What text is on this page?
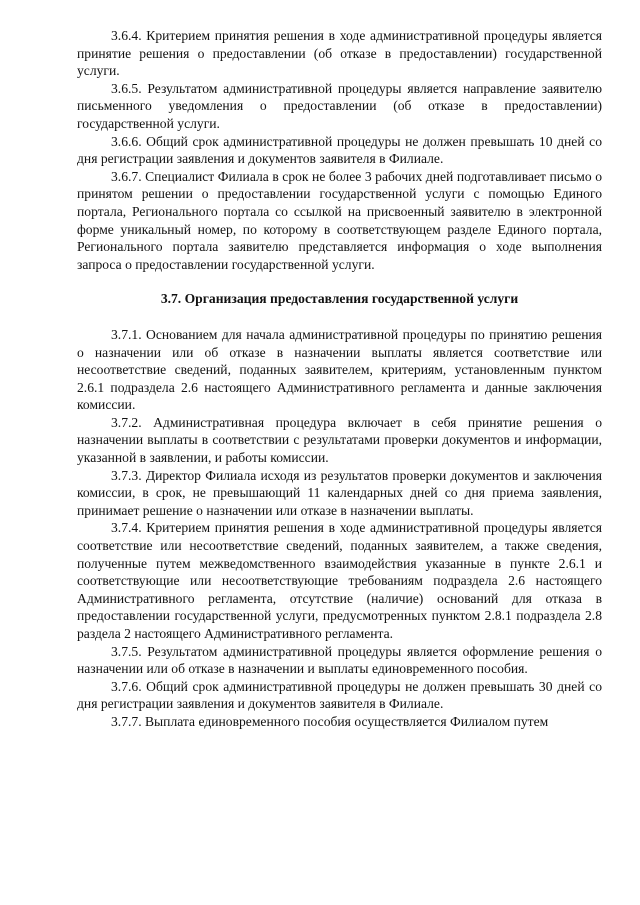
3.6.4. Критерием принятия решения в ходе административной процедуры является принятие решения о предоставлении (об отказе в предоставлении) государственной услуги.

3.6.5. Результатом административной процедуры является направление заявителю письменного уведомления о предоставлении (об отказе в предоставлении) государственной услуги.

3.6.6. Общий срок административной процедуры не должен превышать 10 дней со дня регистрации заявления и документов заявителя в Филиале.

3.6.7. Специалист Филиала в срок не более 3 рабочих дней подготавливает письмо о принятом решении о предоставлении государственной услуги с помощью Единого портала, Регионального портала со ссылкой на присвоенный заявителю в электронной форме уникальный номер, по которому в соответствующем разделе Единого портала, Регионального портала заявителю представляется информация о ходе выполнения запроса о предоставлении государственной услуги.

3.7. Организация предоставления государственной услуги

3.7.1. Основанием для начала административной процедуры по принятию решения о назначении или об отказе в назначении выплаты является соответствие или несоответствие сведений, поданных заявителем, критериям, установленным пунктом 2.6.1 подраздела 2.6 настоящего Административного регламента и данные заключения комиссии.

3.7.2. Административная процедура включает в себя принятие решения о назначении выплаты в соответствии с результатами проверки документов и информации, указанной в заявлении, и работы комиссии.

3.7.3. Директор Филиала исходя из результатов проверки документов и заключения комиссии, в срок, не превышающий 11 календарных дней со дня приема заявления, принимает решение о назначении или отказе в назначении выплаты.

3.7.4. Критерием принятия решения в ходе административной процедуры является соответствие или несоответствие сведений, поданных заявителем, а также сведения, полученные путем межведомственного взаимодействия указанные в пункте 2.6.1 и соответствующие или несоответствующие требованиям подраздела 2.6 настоящего Административного регламента, отсутствие (наличие) оснований для отказа в предоставлении государственной услуги, предусмотренных пунктом 2.8.1 подраздела 2.8 раздела 2 настоящего Административного регламента.

3.7.5. Результатом административной процедуры является оформление решения о назначении или об отказе в назначении и выплаты единовременного пособия.

3.7.6. Общий срок административной процедуры не должен превышать 30 дней со дня регистрации заявления и документов заявителя в Филиале.

3.7.7. Выплата единовременного пособия осуществляется Филиалом путем
